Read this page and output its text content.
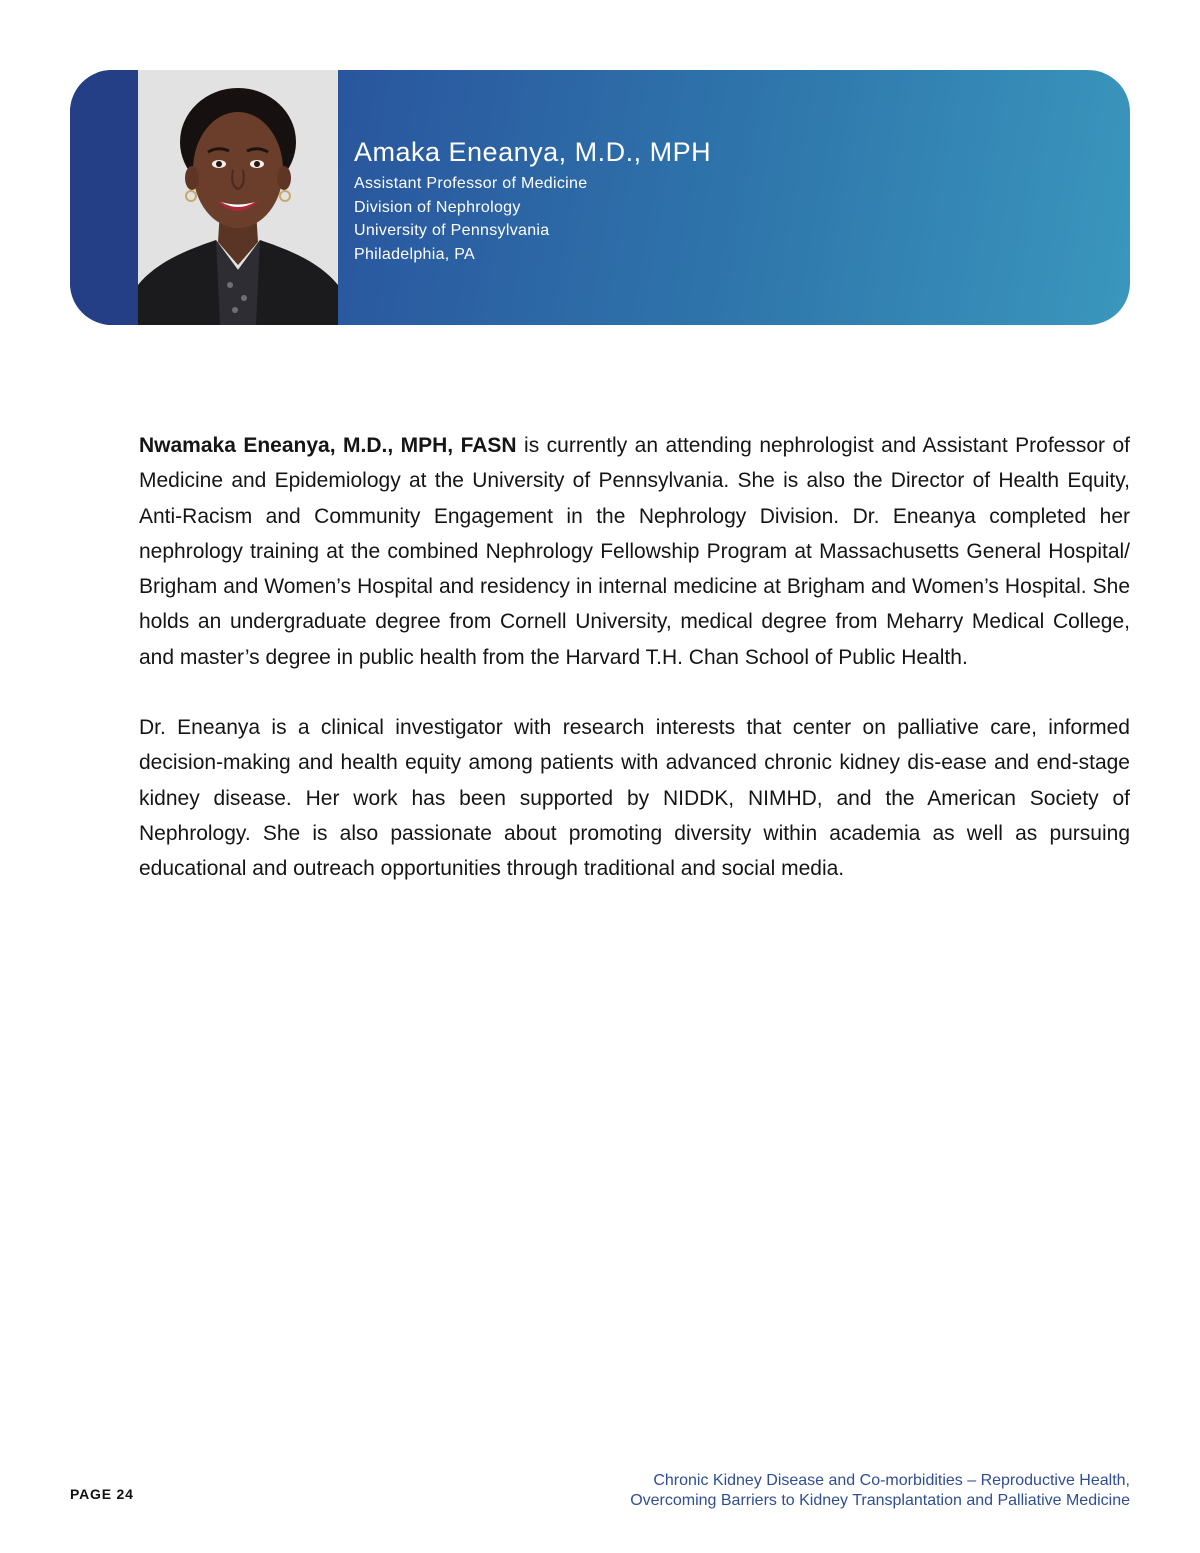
Amaka Eneanya, M.D., MPH
Assistant Professor of Medicine
Division of Nephrology
University of Pennsylvania
Philadelphia, PA

Nwamaka Eneanya, M.D., MPH, FASN is currently an attending nephrologist and Assistant Professor of Medicine and Epidemiology at the University of Pennsylvania. She is also the Director of Health Equity, Anti-Racism and Community Engagement in the Nephrology Division. Dr. Eneanya completed her nephrology training at the combined Nephrology Fellowship Program at Massachusetts General Hospital/ Brigham and Women’s Hospital and residency in internal medicine at Brigham and Women’s Hospital. She holds an undergraduate degree from Cornell University, medical degree from Meharry Medical College, and master’s degree in public health from the Harvard T.H. Chan School of Public Health.

Dr. Eneanya is a clinical investigator with research interests that center on palliative care, informed decision-making and health equity among patients with advanced chronic kidney dis-ease and end-stage kidney disease. Her work has been supported by NIDDK, NIMHD, and the American Society of Nephrology. She is also passionate about promoting diversity within academia as well as pursuing educational and outreach opportunities through traditional and social media.

PAGE 24
Chronic Kidney Disease and Co-morbidities – Reproductive Health,
Overcoming Barriers to Kidney Transplantation and Palliative Medicine
